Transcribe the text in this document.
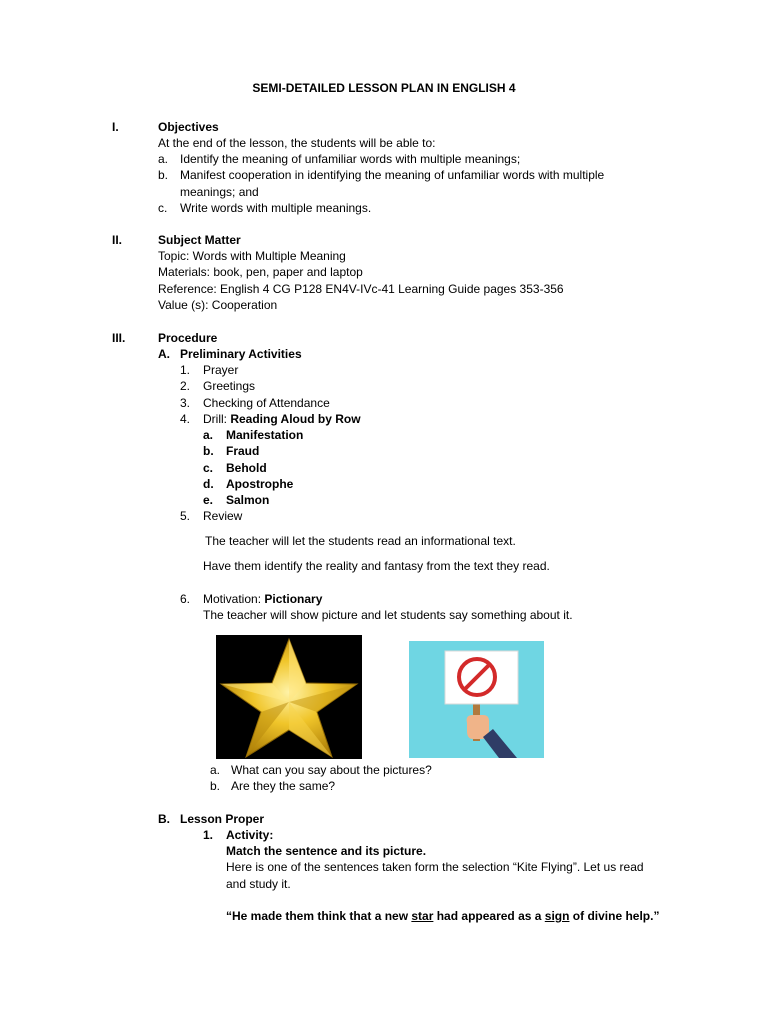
SEMI-DETAILED LESSON PLAN IN ENGLISH 4
I.	Objectives
At the end of the lesson, the students will be able to:
a. Identify the meaning of unfamiliar words with multiple meanings;
b. Manifest cooperation in identifying the meaning of unfamiliar words with multiple
meanings; and
c. Write words with multiple meanings.
II.	Subject Matter
Topic: Words with Multiple Meaning
Materials: book, pen, paper and laptop
Reference: English 4 CG P128 EN4V-IVc-41 Learning Guide pages 353-356
Value (s): Cooperation
III.	Procedure
A. Preliminary Activities
1. Prayer
2. Greetings
3. Checking of Attendance
4. Drill: Reading Aloud by Row
a. Manifestation
b. Fraud
c. Behold
d. Apostrophe
e. Salmon
5. Review
The teacher will let the students read an informational text.
Have them identify the reality and fantasy from the text they read.
6. Motivation: Pictionary
The teacher will show picture and let students say something about it.
a. What can you say about the pictures?
b. Are they the same?
B. Lesson Proper
1. Activity:
Match the sentence and its picture.
Here is one of the sentences taken form the selection “Kite Flying”. Let us read
and study it.
“He made them think that a new star had appeared as a sign of divine help.”
